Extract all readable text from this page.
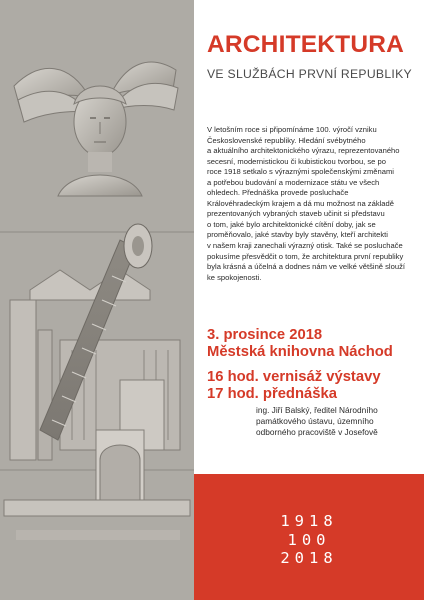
ARCHITEKTURA
VE SLUŽBÁCH PRVNÍ REPUBLIKY

V letošním roce si připomínáme 100. výročí vzniku

Československé republiky. Hledání svébytného

a aktuálního architektonického výrazu, reprezentovaného

secesní, modernistickou či kubistickou tvorbou, se po

roce 1918 setkalo s výraznými společenskými změnami

a potřebou budování a modernizace státu ve všech

ohledech. Přednáška provede posluchače

Královéhradeckým krajem a dá mu možnost na základě

prezentovaných vybraných staveb učinit si představu

o tom, jaké bylo architektonické cítění doby, jak se

proměňovalo, jaké stavby byly stavěny, kteří architekti

v našem kraji zanechali výrazný otisk. Také se posluchače

pokusíme přesvědčit o tom, že architektura první republiky

byla krásná a účelná a dodnes nám ve velké většině slouží

ke spokojenosti.

3. prosince 2018
Městská knihovna Náchod
16 hod. vernisáž výstavy
17 hod. přednáška
ing. Jiří Balský, ředitel Národního
památkového ústavu, územního
odborného pracoviště v Josefově
1918
100
2018
